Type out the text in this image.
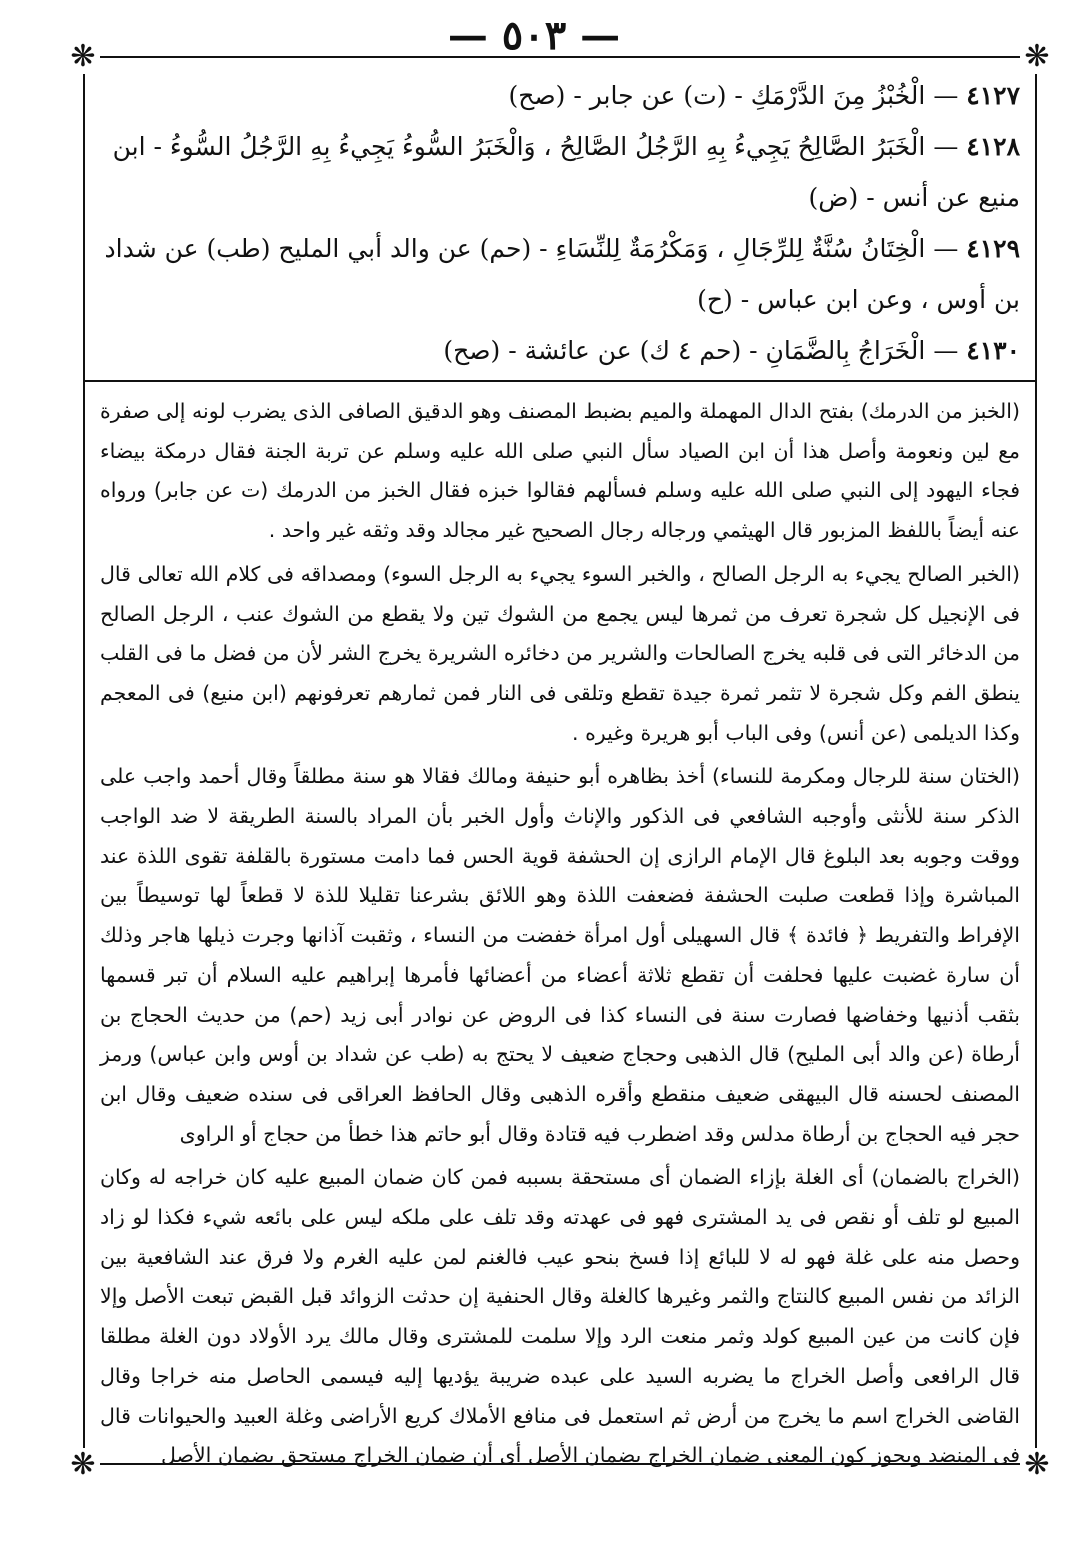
— ٥٠٣ —
❋	❋
❋	❋

٤١٢٧ — الْخُبْزُ مِنَ الدَّرْمَكِ - (ت) عن جابر - (صح)

٤١٢٨ — الْخَبَرُ الصَّالِحُ يَجِيءُ بِهِ الرَّجُلُ الصَّالِحُ ، وَالْخَبَرُ السُّوءُ يَجِيءُ بِهِ الرَّجُلُ السُّوءُ - ابن منيع عن أنس - (ض)

٤١٢٩ — الْخِتَانُ سُنَّةٌ لِلرِّجَالِ ، وَمَكْرُمَةٌ لِلنِّسَاءِ - (حم) عن والد أبي المليح (طب) عن شداد بن أوس ، وعن ابن عباس - (ح)

٤١٣٠ — الْخَرَاجُ بِالضَّمَانِ - (حم ٤ ك) عن عائشة - (صح)

(الخبز من الدرمك) بفتح الدال المهملة والميم بضبط المصنف وهو الدقيق الصافى الذى يضرب لونه إلى صفرة مع لين ونعومة وأصل هذا أن ابن الصياد سأل النبي صلى الله عليه وسلم عن تربة الجنة فقال درمكة بيضاء فجاء اليهود إلى النبي صلى الله عليه وسلم فسألهم فقالوا خبزه فقال الخبز من الدرمك (ت عن جابر) ورواه عنه أيضاً باللفظ المزبور قال الهيثمي ورجاله رجال الصحيح غير مجالد وقد وثقه غير واحد .

(الخبر الصالح يجيء به الرجل الصالح ، والخبر السوء يجيء به الرجل السوء) ومصداقه فى كلام الله تعالى قال فى الإنجيل كل شجرة تعرف من ثمرها ليس يجمع من الشوك تين ولا يقطع من الشوك عنب ، الرجل الصالح من الدخائر التى فى قلبه يخرج الصالحات والشرير من دخائره الشريرة يخرج الشر لأن من فضل ما فى القلب ينطق الفم وكل شجرة لا تثمر ثمرة جيدة تقطع وتلقى فى النار فمن ثمارهم تعرفونهم (ابن منيع) فى المعجم وكذا الديلمى (عن أنس) وفى الباب أبو هريرة وغيره .

(الختان سنة للرجال ومكرمة للنساء) أخذ بظاهره أبو حنيفة ومالك فقالا هو سنة مطلقاً وقال أحمد واجب على الذكر سنة للأنثى وأوجبه الشافعي فى الذكور والإناث وأول الخبر بأن المراد بالسنة الطريقة لا ضد الواجب ووقت وجوبه بعد البلوغ قال الإمام الرازى إن الحشفة قوية الحس فما دامت مستورة بالقلفة تقوى اللذة عند المباشرة وإذا قطعت صلبت الحشفة فضعفت اللذة وهو اللائق بشرعنا تقليلا للذة لا قطعاً لها توسيطاً بين الإفراط والتفريط ﴿ فائدة ﴾ قال السهيلى أول امرأة خفضت من النساء ، وثقبت آذانها وجرت ذيلها هاجر وذلك أن سارة غضبت عليها فحلفت أن تقطع ثلاثة أعضاء من أعضائها فأمرها إبراهيم عليه السلام أن تبر قسمها بثقب أذنيها وخفاضها فصارت سنة فى النساء كذا فى الروض عن نوادر أبى زيد (حم) من حديث الحجاج بن أرطاة (عن والد أبى المليح) قال الذهبى وحجاج ضعيف لا يحتج به (طب عن شداد بن أوس وابن عباس) ورمز المصنف لحسنه قال البيهقى ضعيف منقطع وأقره الذهبى وقال الحافظ العراقى فى سنده ضعيف وقال ابن حجر فيه الحجاج بن أرطاة مدلس وقد اضطرب فيه قتادة وقال أبو حاتم هذا خطأ من حجاج أو الراوى

(الخراج بالضمان) أى الغلة بإزاء الضمان أى مستحقة بسببه فمن كان ضمان المبيع عليه كان خراجه له وكان المبيع لو تلف أو نقص فى يد المشترى فهو فى عهدته وقد تلف على ملكه ليس على بائعه شيء فكذا لو زاد وحصل منه على غلة فهو له لا للبائع إذا فسخ بنحو عيب فالغنم لمن عليه الغرم ولا فرق عند الشافعية بين الزائد من نفس المبيع كالنتاج والثمر وغيرها كالغلة وقال الحنفية إن حدثت الزوائد قبل القبض تبعت الأصل وإلا فإن كانت من عين المبيع كولد وثمر منعت الرد وإلا سلمت للمشترى وقال مالك يرد الأولاد دون الغلة مطلقا قال الرافعى وأصل الخراج ما يضربه السيد على عبده ضريبة يؤديها إليه فيسمى الحاصل منه خراجا وقال القاضى الخراج اسم ما يخرج من أرض ثم استعمل فى منافع الأملاك كريع الأراضى وغلة العبيد والحيوانات قال فى المنضد ويجوز كون المعنى ضمان الخراج بضمان الأصل أى أن ضمان الخراج مستحق بضمان الأصل
